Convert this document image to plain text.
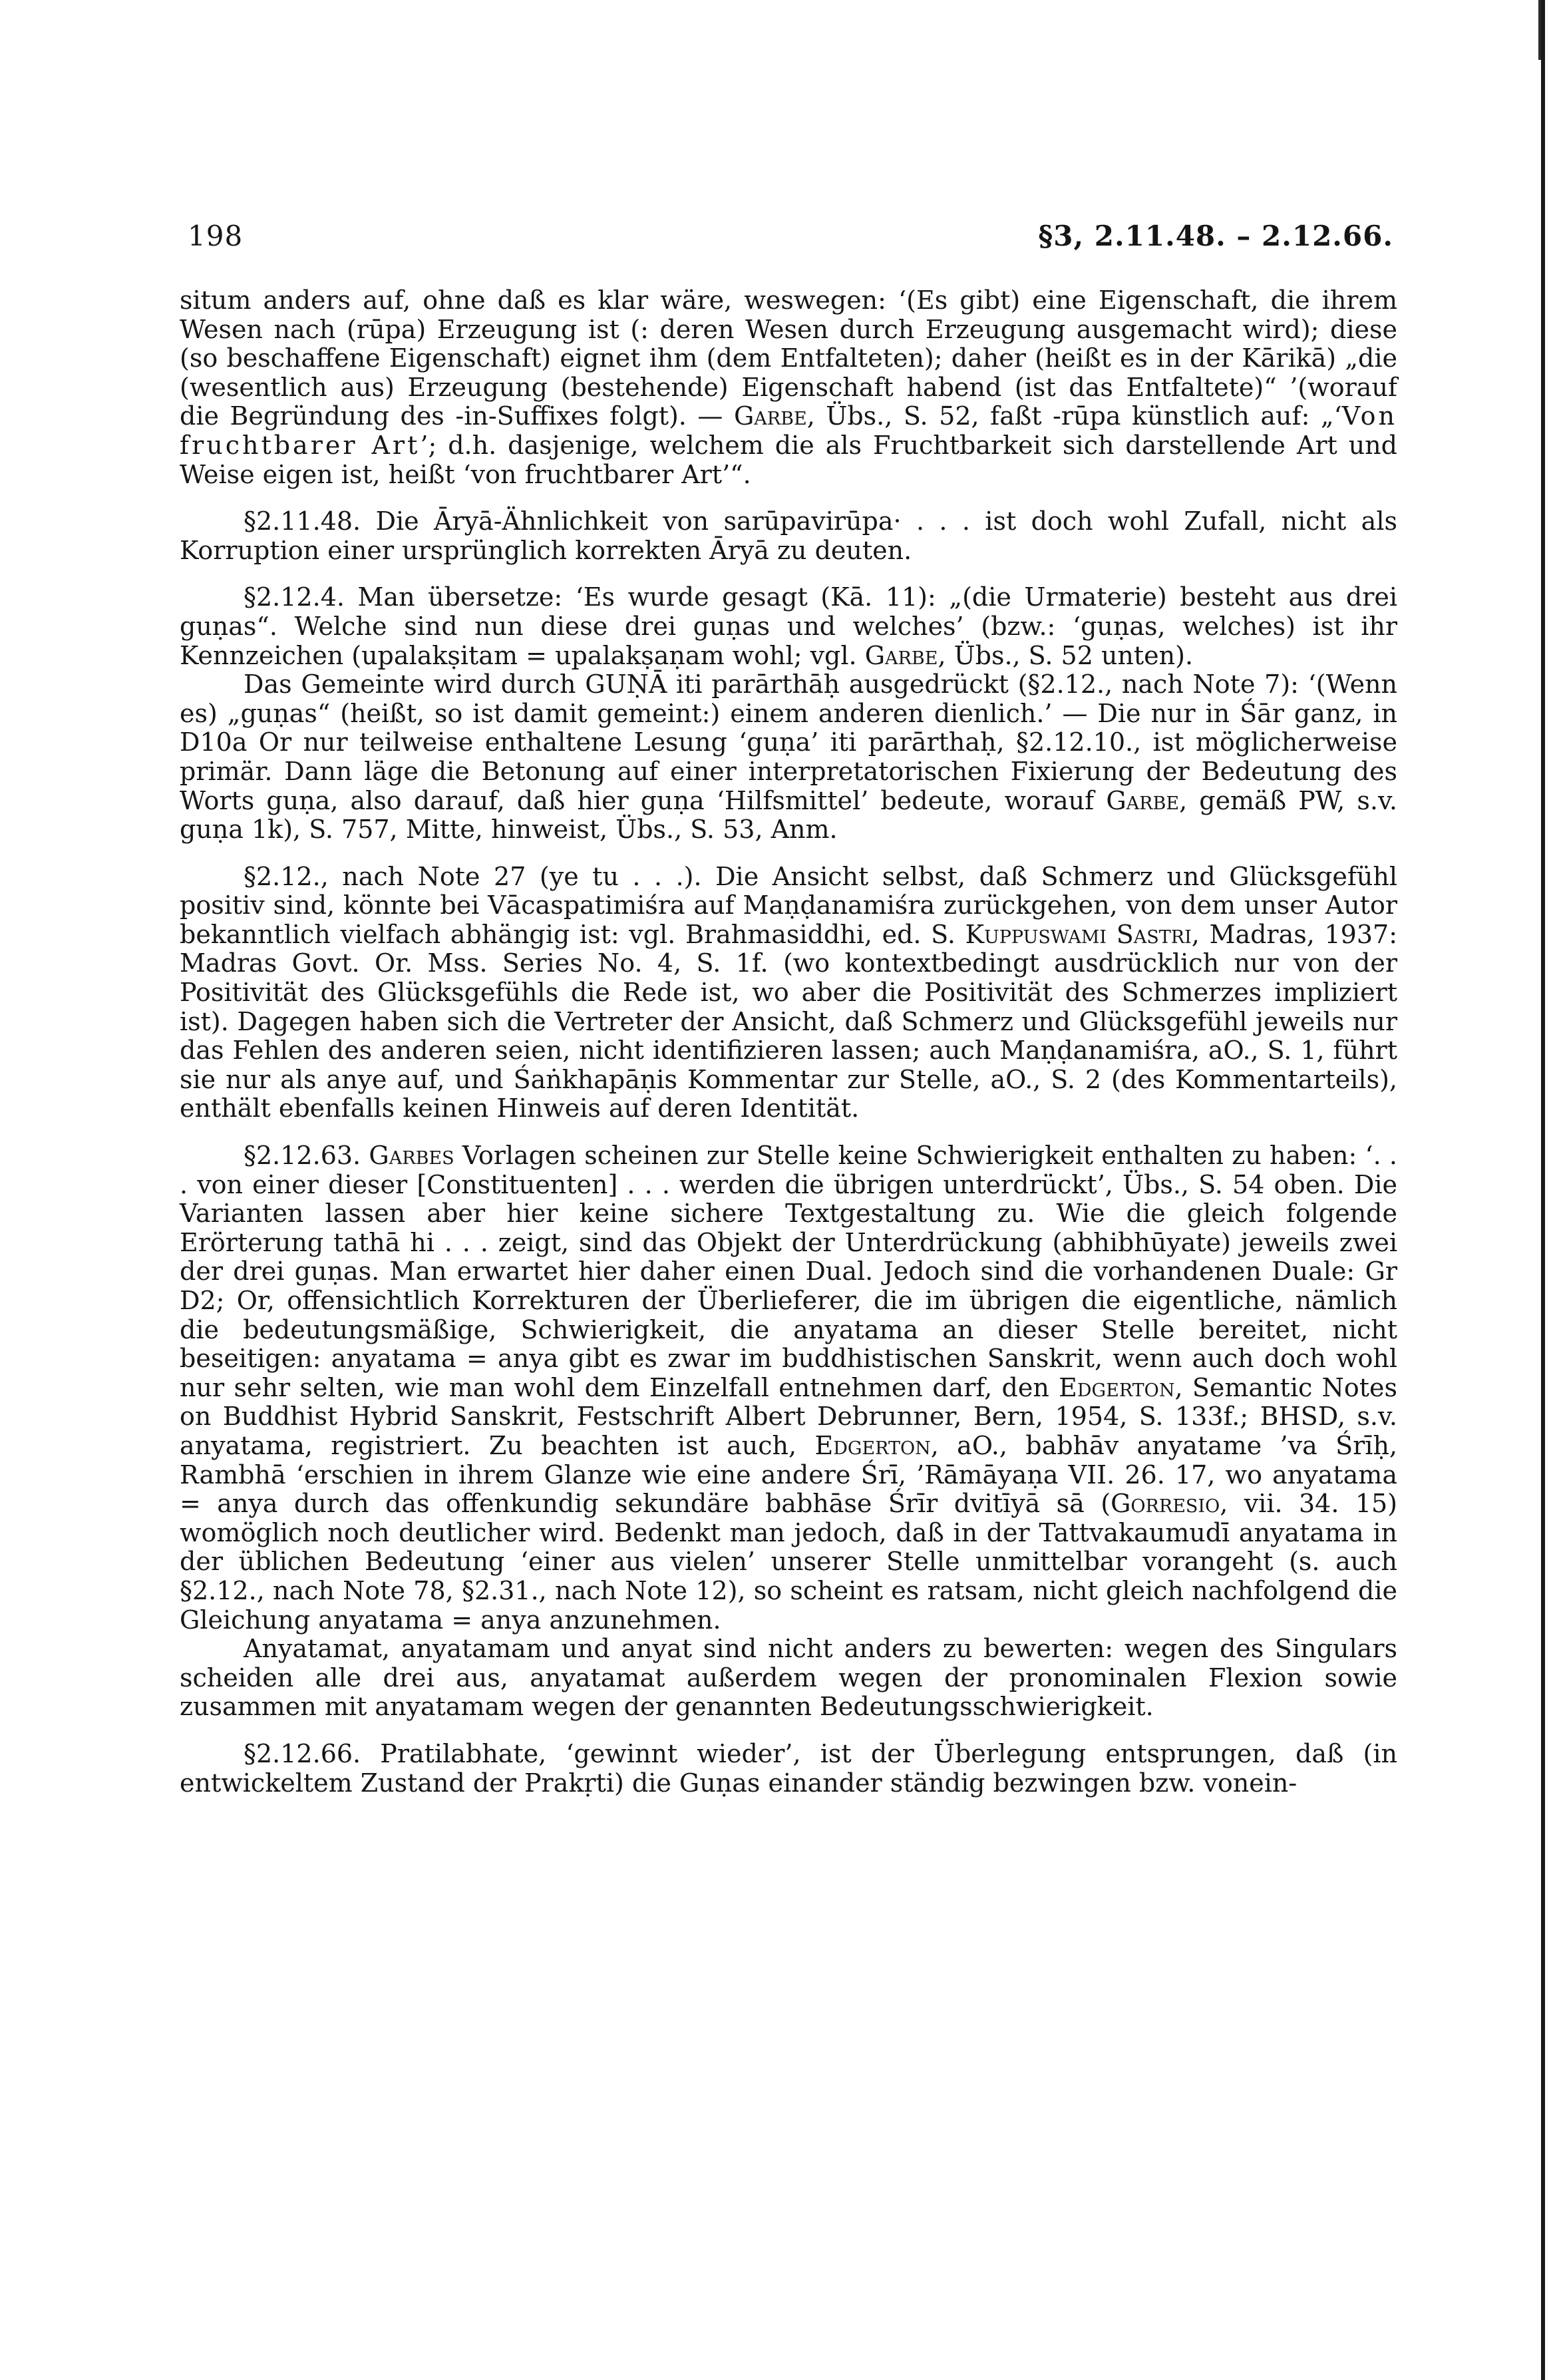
198	§3, 2.11.48. – 2.12.66.

situm anders auf, ohne daß es klar wäre, weswegen: ‘(Es gibt) eine Eigenschaft, die ihrem Wesen nach (rūpa) Erzeugung ist (: deren Wesen durch Erzeugung ausgemacht wird); diese (so beschaffene Eigenschaft) eignet ihm (dem Entfalteten); daher (heißt es in der Kārikā) „die (wesentlich aus) Erzeugung (bestehende) Eigenschaft habend (ist das Entfaltete)“ ’(worauf die Begründung des -in-Suffixes folgt). — Garbe, Übs., S. 52, faßt -rūpa künstlich auf: „‘Von fruchtbarer Art’; d.h. dasjenige, welchem die als Fruchtbarkeit sich darstellende Art und Weise eigen ist, heißt ‘von fruchtbarer Art’“.

§2.11.48. Die Āryā-Ähnlichkeit von sarūpavirūpa· . . . ist doch wohl Zufall, nicht als Korruption einer ursprünglich korrekten Āryā zu deuten.

§2.12.4. Man übersetze: ‘Es wurde gesagt (Kā. 11): „(die Urmaterie) besteht aus drei guṇas“. Welche sind nun diese drei guṇas und welches’ (bzw.: ‘guṇas, welches) ist ihr Kennzeichen (upalakṣitam = upalakṣaṇam wohl; vgl. Garbe, Übs., S. 52 unten).

Das Gemeinte wird durch GUṆĀ iti parārthāḥ ausgedrückt (§2.12., nach Note 7): ‘(Wenn es) „guṇas“ (heißt, so ist damit gemeint:) einem anderen dienlich.’ — Die nur in Śār ganz, in D10a Or nur teilweise enthaltene Lesung ‘guṇa’ iti parārthaḥ, §2.12.10., ist möglicherweise primär. Dann läge die Betonung auf einer interpretatorischen Fixierung der Bedeutung des Worts guṇa, also darauf, daß hier guṇa ‘Hilfsmittel’ bedeute, worauf Garbe, gemäß PW, s.v. guṇa 1k), S. 757, Mitte, hinweist, Übs., S. 53, Anm.

§2.12., nach Note 27 (ye tu . . .). Die Ansicht selbst, daß Schmerz und Glücksgefühl positiv sind, könnte bei Vācaspatimiśra auf Maṇḍanamiśra zurückgehen, von dem unser Autor bekanntlich vielfach abhängig ist: vgl. Brahmasiddhi, ed. S. Kuppuswami Sastri, Madras, 1937: Madras Govt. Or. Mss. Series No. 4, S. 1f. (wo kontextbedingt ausdrücklich nur von der Positivität des Glücksgefühls die Rede ist, wo aber die Positivität des Schmerzes impliziert ist). Dagegen haben sich die Vertreter der Ansicht, daß Schmerz und Glücksgefühl jeweils nur das Fehlen des anderen seien, nicht identifizieren lassen; auch Maṇḍanamiśra, aO., S. 1, führt sie nur als anye auf, und Śaṅkhapāṇis Kommentar zur Stelle, aO., S. 2 (des Kommentarteils), enthält ebenfalls keinen Hinweis auf deren Identität.

§2.12.63. Garbes Vorlagen scheinen zur Stelle keine Schwierigkeit enthalten zu haben: ‘. . . von einer dieser [Constituenten] . . . werden die übrigen unterdrückt’, Übs., S. 54 oben. Die Varianten lassen aber hier keine sichere Textgestaltung zu. Wie die gleich folgende Erörterung tathā hi . . . zeigt, sind das Objekt der Unterdrückung (abhibhūyate) jeweils zwei der drei guṇas. Man erwartet hier daher einen Dual. Jedoch sind die vorhandenen Duale: Gr D2; Or, offensichtlich Korrekturen der Überlieferer, die im übrigen die eigentliche, nämlich die bedeutungsmäßige, Schwierigkeit, die anyatama an dieser Stelle bereitet, nicht beseitigen: anyatama = anya gibt es zwar im buddhistischen Sanskrit, wenn auch doch wohl nur sehr selten, wie man wohl dem Einzelfall entnehmen darf, den Edgerton, Semantic Notes on Buddhist Hybrid Sanskrit, Festschrift Albert Debrunner, Bern, 1954, S. 133f.; BHSD, s.v. anyatama, registriert. Zu beachten ist auch, Edgerton, aO., babhāv anyatame ’va Śrīḥ, Rambhā ‘erschien in ihrem Glanze wie eine andere Śrī, ’Rāmāyaṇa VII. 26. 17, wo anyatama = anya durch das offenkundig sekundäre babhāse Śrīr dvitīyā sā (Gorresio, vii. 34. 15) womöglich noch deutlicher wird. Bedenkt man jedoch, daß in der Tattvakaumudī anyatama in der üblichen Bedeutung ‘einer aus vielen’ unserer Stelle unmittelbar vorangeht (s. auch §2.12., nach Note 78, §2.31., nach Note 12), so scheint es ratsam, nicht gleich nachfolgend die Gleichung anyatama = anya anzunehmen.

Anyatamat, anyatamam und anyat sind nicht anders zu bewerten: wegen des Singulars scheiden alle drei aus, anyatamat außerdem wegen der pronominalen Flexion sowie zusammen mit anyatamam wegen der genannten Bedeutungsschwierigkeit.

§2.12.66. Pratilabhate, ‘gewinnt wieder’, ist der Überlegung entsprungen, daß (in entwickeltem Zustand der Prakṛti) die Guṇas einander ständig bezwingen bzw. vonein-
